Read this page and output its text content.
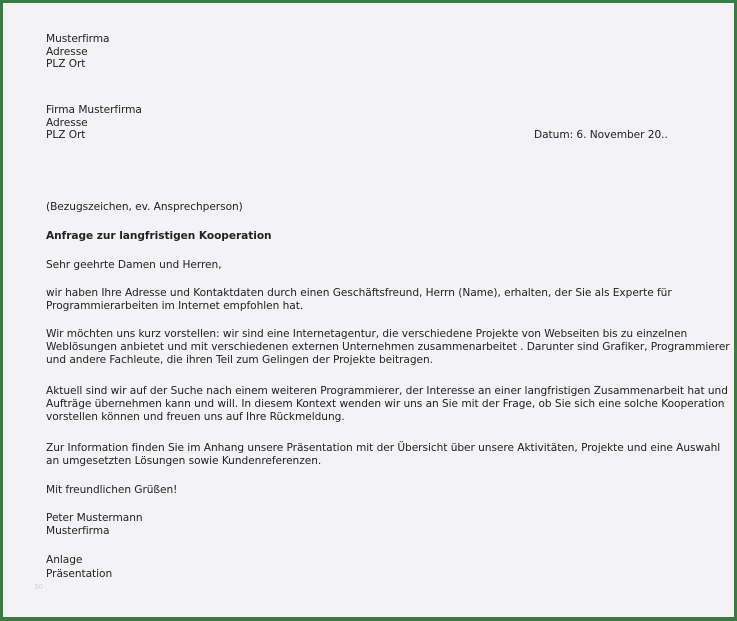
Musterfirma
Adresse
PLZ Ort
Firma Musterfirma
Adresse
PLZ Ort	Datum: 6. November 20..
(Bezugszeichen, ev. Ansprechperson)
Anfrage zur langfristigen Kooperation
Sehr geehrte Damen und Herren,
wir haben Ihre Adresse und Kontaktdaten durch einen Geschäftsfreund, Herrn (Name), erhalten, der Sie als Experte für
Programmierarbeiten im Internet empfohlen hat.
Wir möchten uns kurz vorstellen: wir sind eine Internetagentur, die verschiedene Projekte von Webseiten bis zu einzelnen
Weblösungen anbietet und mit verschiedenen externen Unternehmen zusammenarbeitet . Darunter sind Grafiker, Programmierer
und andere Fachleute, die ihren Teil zum Gelingen der Projekte beitragen.
Aktuell sind wir auf der Suche nach einem weiteren Programmierer, der Interesse an einer langfristigen Zusammenarbeit hat und
Aufträge übernehmen kann und will. In diesem Kontext wenden wir uns an Sie mit der Frage, ob Sie sich eine solche Kooperation
vorstellen können und freuen uns auf Ihre Rückmeldung.
Zur Information finden Sie im Anhang unsere Präsentation mit der Übersicht über unsere Aktivitäten, Projekte und eine Auswahl
an umgesetzten Lösungen sowie Kundenreferenzen.
Mit freundlichen Grüßen!
Peter Mustermann
Musterfirma
Anlage
Präsentation
30
